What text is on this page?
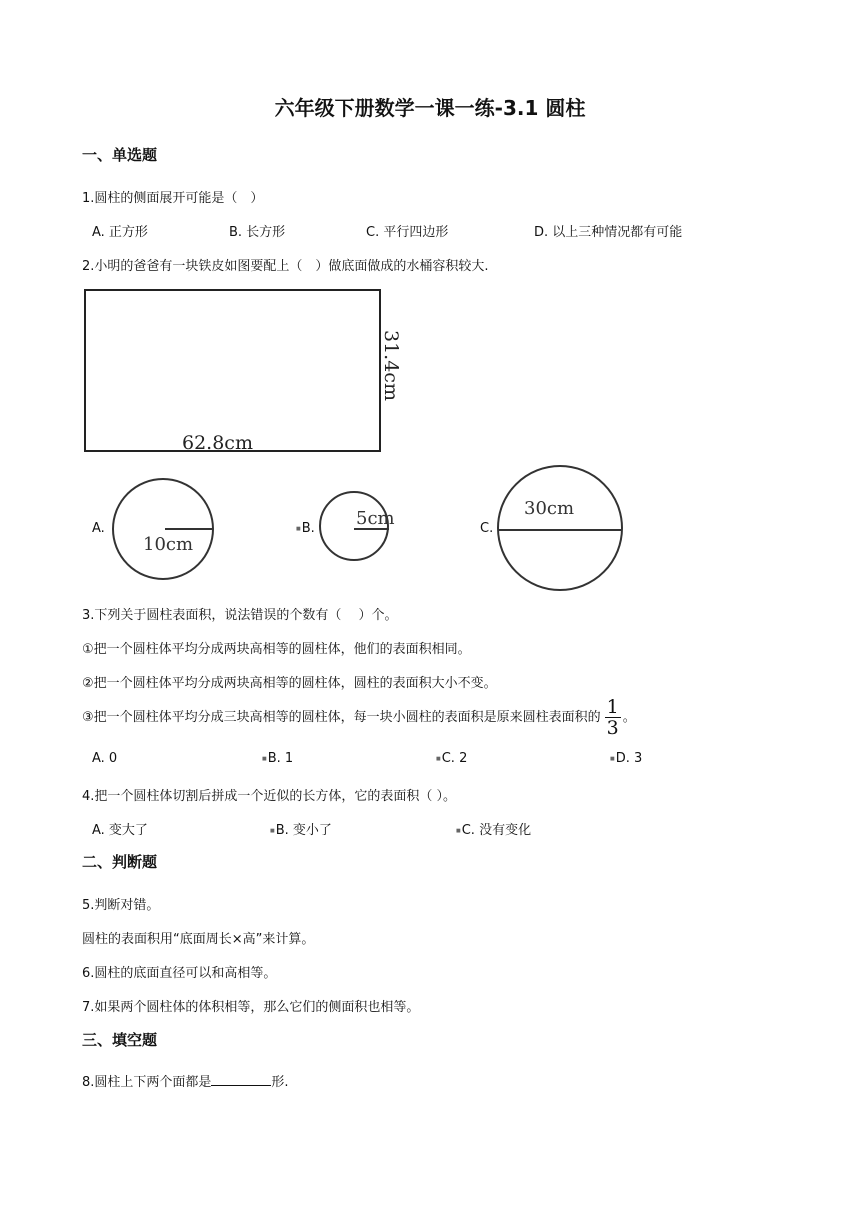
六年级下册数学一课一练-3.1 圆柱
一、单选题
1.圆柱的侧面展开可能是（　）
A. 正方形	B. 长方形	C. 平行四边形	D. 以上三种情况都有可能
2.小明的爸爸有一块铁皮如图要配上（　）做底面做成的水桶容积较大.
62.8cm
31.4cm
A.
10cm
■B. 5cm	C.
30cm
3.下列关于圆柱表面积，说法错误的个数有（　 ）个。
①把一个圆柱体平均分成两块高相等的圆柱体，他们的表面积相同。
②把一个圆柱体平均分成两块高相等的圆柱体，圆柱的表面积大小不变。
③把一个圆柱体平均分成三块高相等的圆柱体，每一块小圆柱的表面积是原来圆柱表面积的 $\frac{1}{3}$ 。
A. 0	■B. 1	■C. 2	■D. 3
4.把一个圆柱体切割后拼成一个近似的长方体，它的表面积（ ）。
A. 变大了	■B. 变小了	■C. 没有变化
二、判断题
5.判断对错。
圆柱的表面积用“底面周长×高”来计算。
6.圆柱的底面直径可以和高相等。
7.如果两个圆柱体的体积相等，那么它们的侧面积也相等。
三、填空题
8.圆柱上下两个面都是	形.
